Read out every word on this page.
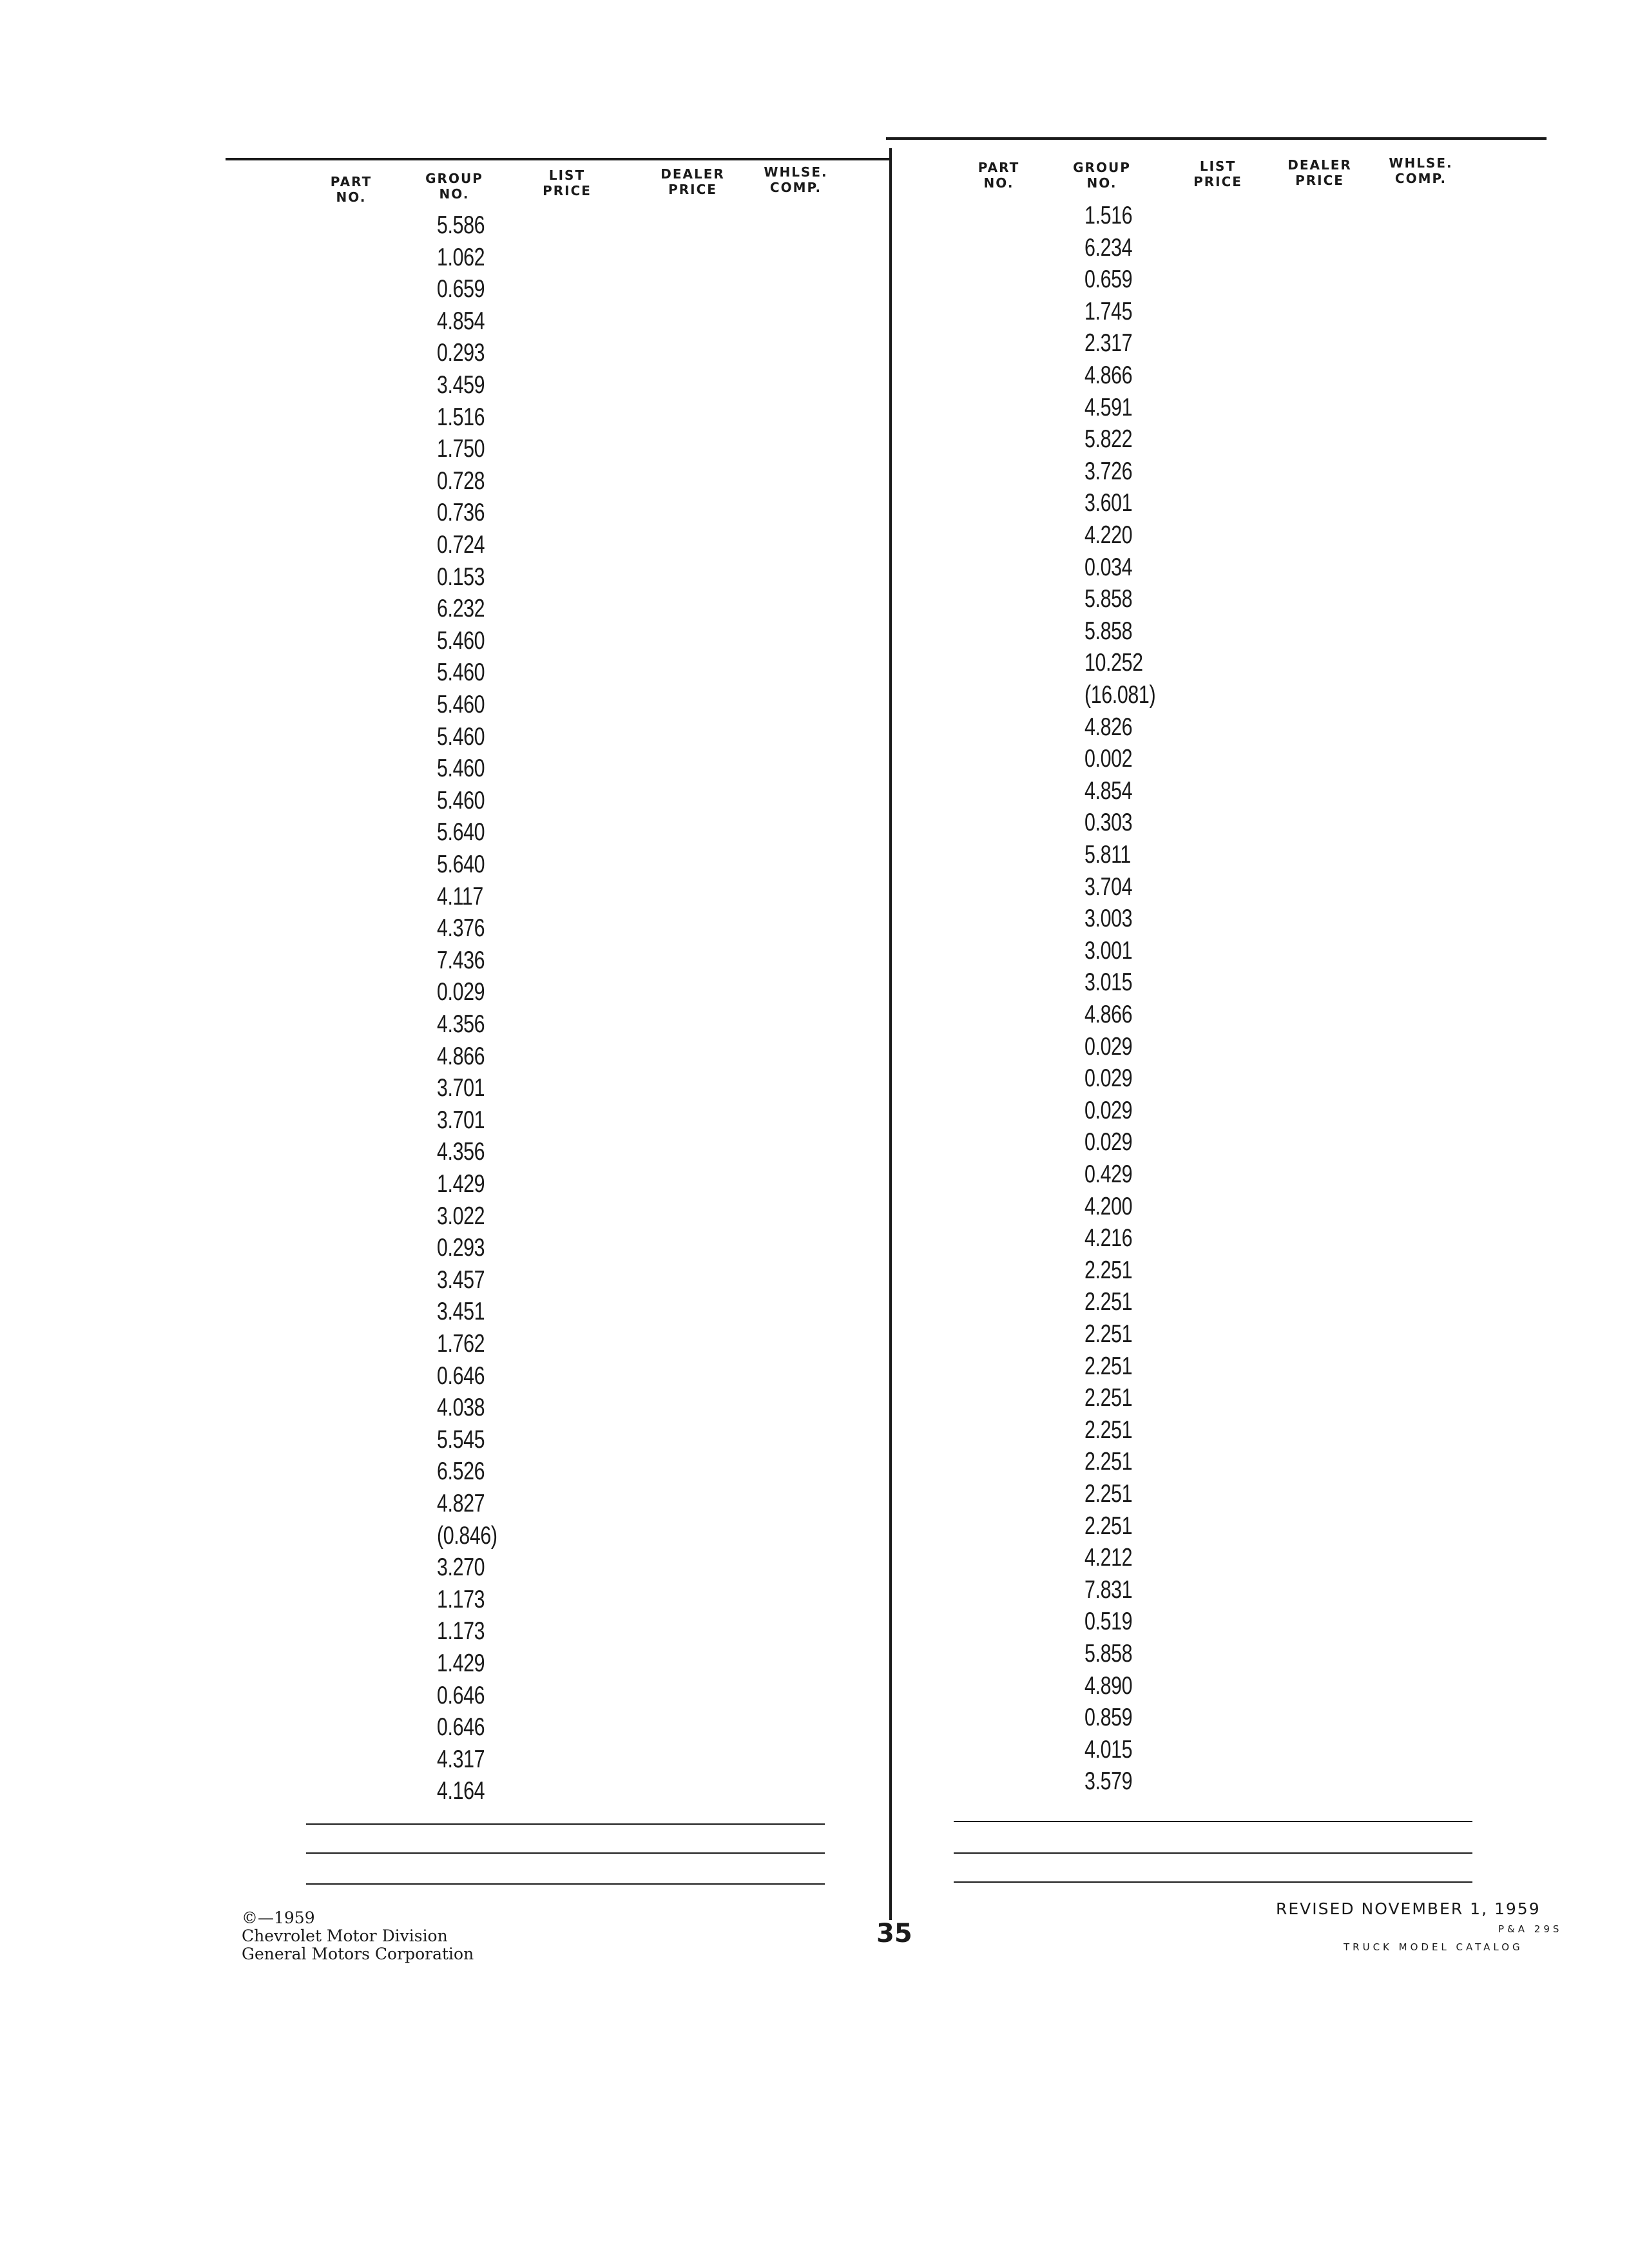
PART
NO.
GROUP
NO.
LIST
PRICE
DEALER
PRICE
WHLSE.
COMP.
5.586
1.062
0.659
4.854
0.293
3.459
1.516
1.750
0.728
0.736
0.724
0.153
6.232
5.460
5.460
5.460
5.460
5.460
5.460
5.640
5.640
4.117
4.376
7.436
0.029
4.356
4.866
3.701
3.701
4.356
1.429
3.022
0.293
3.457
3.451
1.762
0.646
4.038
5.545
6.526
4.827
(0.846)
3.270
1.173
1.173
1.429
0.646
0.646
4.317
4.164
PART
NO.
GROUP
NO.
LIST
PRICE
DEALER
PRICE
WHLSE.
COMP.
1.516
6.234
0.659
1.745
2.317
4.866
4.591
5.822
3.726
3.601
4.220
0.034
5.858
5.858
10.252
(16.081)
4.826
0.002
4.854
0.303
5.811
3.704
3.003
3.001
3.015
4.866
0.029
0.029
0.029
0.029
0.429
4.200
4.216
2.251
2.251
2.251
2.251
2.251
2.251
2.251
2.251
2.251
4.212
7.831
0.519
5.858
4.890
0.859
4.015
3.579
©—1959
Chevrolet Motor Division
General Motors Corporation
35
REVISED NOVEMBER 1, 1959
P&A 29S
TRUCK MODEL CATALOG
